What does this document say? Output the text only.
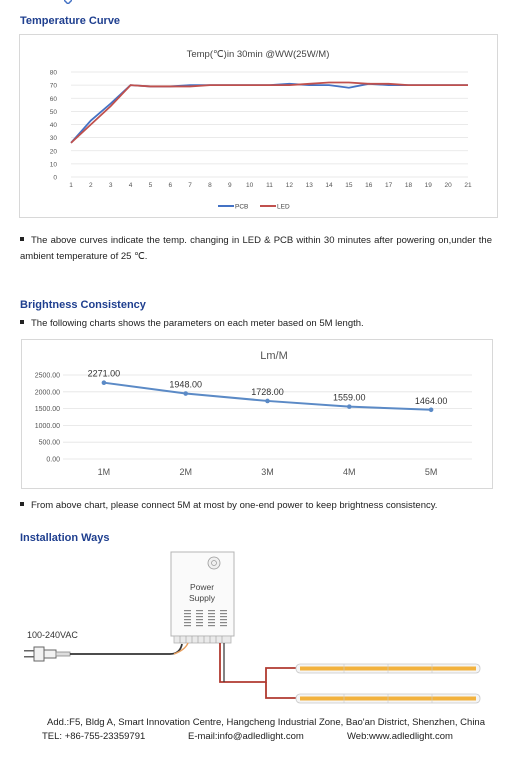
Temperature Curve
Temp(℃)in 30min @WW(25W/M)
0
10
20
30
40
50
60
70
80
1 2 3 4 5 6 7 8 9 10 11 12 13 14 15 16 17 18 19 20 21
PCB	LED
The above curves indicate the temp. changing in LED & PCB within 30 minutes after powering on,under the ambient temperature of 25 ℃.
Brightness Consistency
The following charts shows the parameters on each meter based on 5M length.
Lm/M
0.00
500.00
1000.00
1500.00
2000.00
2500.00
1M	2M	3M	4M	5M
2271.00
1948.00
1728.00
1559.00	1464.00
From above chart, please connect 5M at most by one-end power to keep brightness consistency.
Installation Ways
Power
Supply
100-240VAC
Add.:F5, Bldg A, Smart Innovation Centre, Hangcheng Industrial Zone, Bao'an District, Shenzhen, China
TEL: +86-755-23359791	E-mail:info@adledlight.com	Web:www.adledlight.com
